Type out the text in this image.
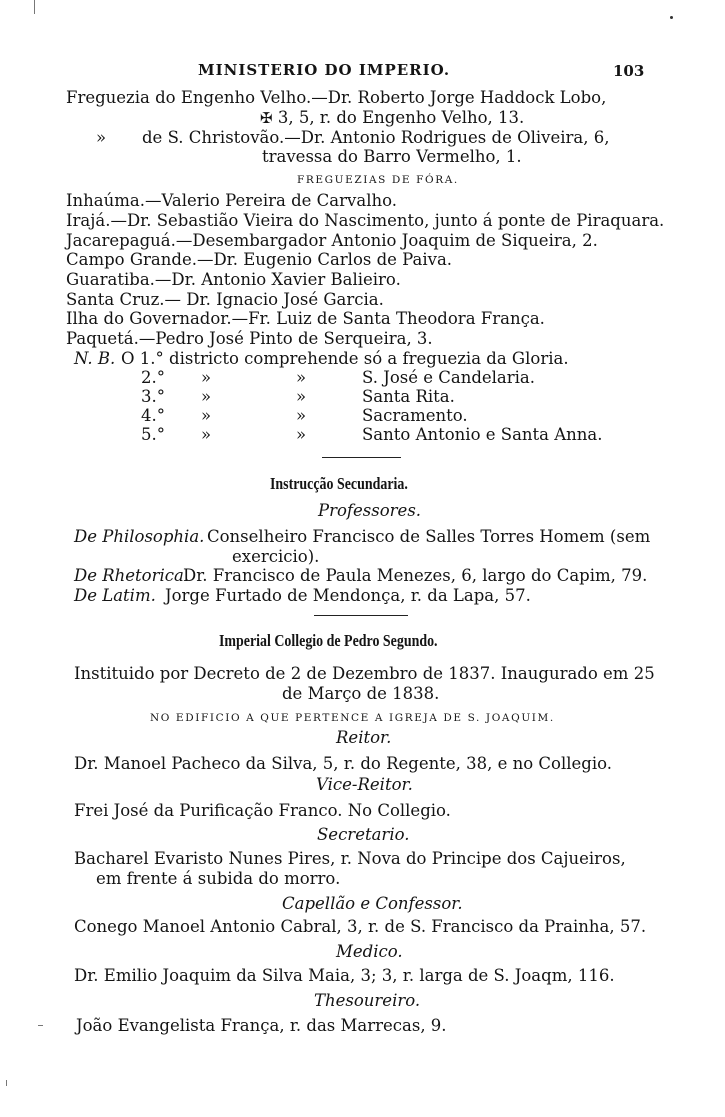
MINISTERIO DO IMPERIO.	103
Freguezia do Engenho Velho.—Dr. Roberto Jorge Haddock Lobo,
✠ 3, 5, r. do Engenho Velho, 13.
» de S. Christovão.—Dr. Antonio Rodrigues de Oliveira, 6,
travessa do Barro Vermelho, 1.
FREGUEZIAS DE FÓRA.
Inhaúma.—Valerio Pereira de Carvalho.
Irajá.—Dr. Sebastião Vieira do Nascimento, junto á ponte de Piraquara.
Jacarepaguá.—Desembargador Antonio Joaquim de Siqueira, 2.
Campo Grande.—Dr. Eugenio Carlos de Paiva.
Guaratiba.—Dr. Antonio Xavier Balieiro.
Santa Cruz.— Dr. Ignacio José Garcia.
Ilha do Governador.—Fr. Luiz de Santa Theodora França.
Paquetá.—Pedro José Pinto de Serqueira, 3.
N. B. O 1.° districto comprehende só a freguezia da Gloria.
2.° »	»	S. José e Candelaria.
3.° »	»	Santa Rita.
4.° »	»	Sacramento.
5.° »	»	Santo Antonio e Santa Anna.
Instrucção Secundaria.
Professores.
De Philosophia. Conselheiro Francisco de Salles Torres Homem (sem
exercicio).
De Rhetorica.
Dr. Francisco de Paula Menezes, 6, largo do Capim, 79.
De Latim. Jorge Furtado de Mendonça, r. da Lapa, 57.
Imperial Collegio de Pedro Segundo.
Instituido por Decreto de 2 de Dezembro de 1837. Inaugurado em 25
de Março de 1838.
NO EDIFICIO A QUE PERTENCE A IGREJA DE S. JOAQUIM.
Reitor.
Dr. Manoel Pacheco da Silva, 5, r. do Regente, 38, e no Collegio.
Vice-Reitor.
Frei José da Purificação Franco. No Collegio.
Secretario.
Bacharel Evaristo Nunes Pires, r. Nova do Principe dos Cajueiros,
em frente á subida do morro.
Capellão e Confessor.
Conego Manoel Antonio Cabral, 3, r. de S. Francisco da Prainha, 57.
Medico.
Dr. Emilio Joaquim da Silva Maia, 3; 3, r. larga de S. Joaqm, 116.
Thesoureiro.
João Evangelista França, r. das Marrecas, 9.
